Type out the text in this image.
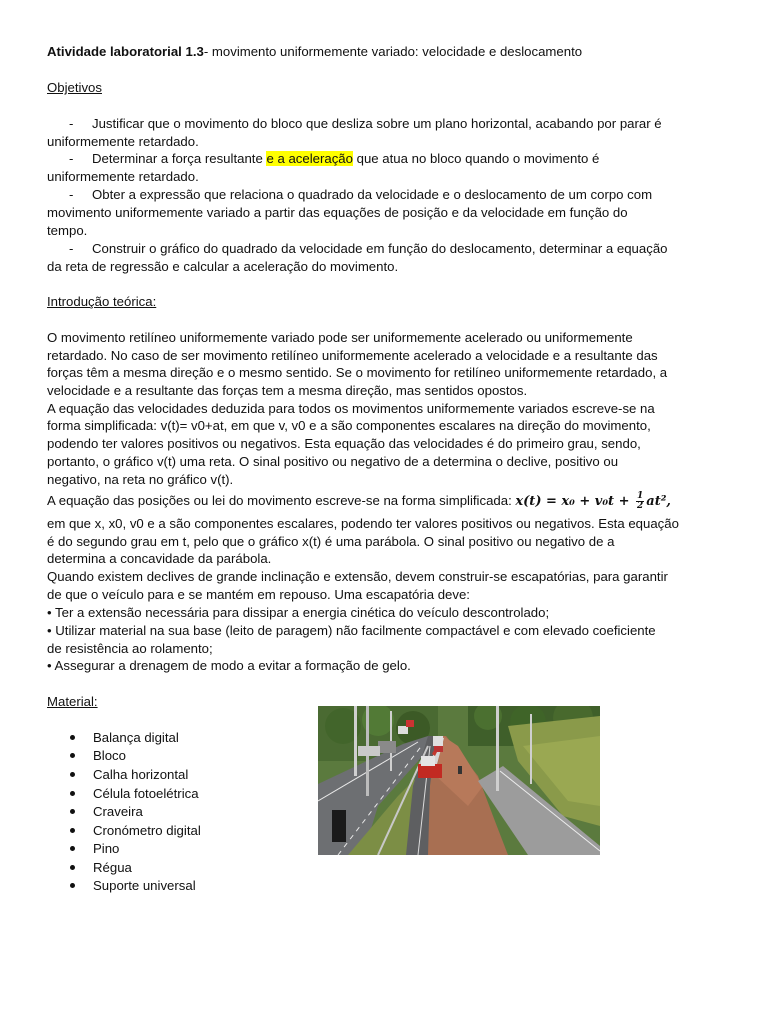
Atividade laboratorial 1.3- movimento uniformemente variado: velocidade e deslocamento
Objetivos
- Justificar que o movimento do bloco que desliza sobre um plano horizontal, acabando por parar é
uniformemente retardado.
- Determinar a força resultante e a aceleração que atua no bloco quando o movimento é
uniformemente retardado.
- Obter a expressão que relaciona o quadrado da velocidade e o deslocamento de um corpo com
movimento uniformemente variado a partir das equações de posição e da velocidade em função do
tempo.
- Construir o gráfico do quadrado da velocidade em função do deslocamento, determinar a equação
da reta de regressão e calcular a aceleração do movimento.
Introdução teórica:
O movimento retilíneo uniformemente variado pode ser uniformemente acelerado ou uniformemente
retardado. No caso de ser movimento retilíneo uniformemente acelerado a velocidade e a resultante das
forças têm a mesma direção e o mesmo sentido. Se o movimento for retilíneo uniformemente retardado, a
velocidade e a resultante das forças tem a mesma direção, mas sentidos opostos.
A equação das velocidades deduzida para todos os movimentos uniformemente variados escreve-se na
forma simplificada: v(t)= v0+at, em que v, v0 e a são componentes escalares na direção do movimento,
podendo ter valores positivos ou negativos. Esta equação das velocidades é do primeiro grau, sendo,
portanto, o gráfico v(t) uma reta. O sinal positivo ou negativo de a determina o declive, positivo ou
negativo, na reta no gráfico v(t).
A equação das posições ou lei do movimento escreve-se na forma simplificada: $x(t) = x_0 + v_0t + \frac{1}{2} at^2$,
em que x, x0, v0 e a são componentes escalares, podendo ter valores positivos ou negativos. Esta equação
é do segundo grau em t, pelo que o gráfico x(t) é uma parábola. O sinal positivo ou negativo de a
determina a concavidade da parábola.
Quando existem declives de grande inclinação e extensão, devem construir-se escapatórias, para garantir
de que o veículo para e se mantém em repouso. Uma escapatória deve:
• Ter a extensão necessária para dissipar a energia cinética do veículo descontrolado;
• Utilizar material na sua base (leito de paragem) não facilmente compactável e com elevado coeficiente
de resistência ao rolamento;
• Assegurar a drenagem de modo a evitar a formação de gelo.
Material:
Balança digital
Bloco
Calha horizontal
Célula fotoelétrica
Craveira
Cronómetro digital
Pino
Régua
Suporte universal
